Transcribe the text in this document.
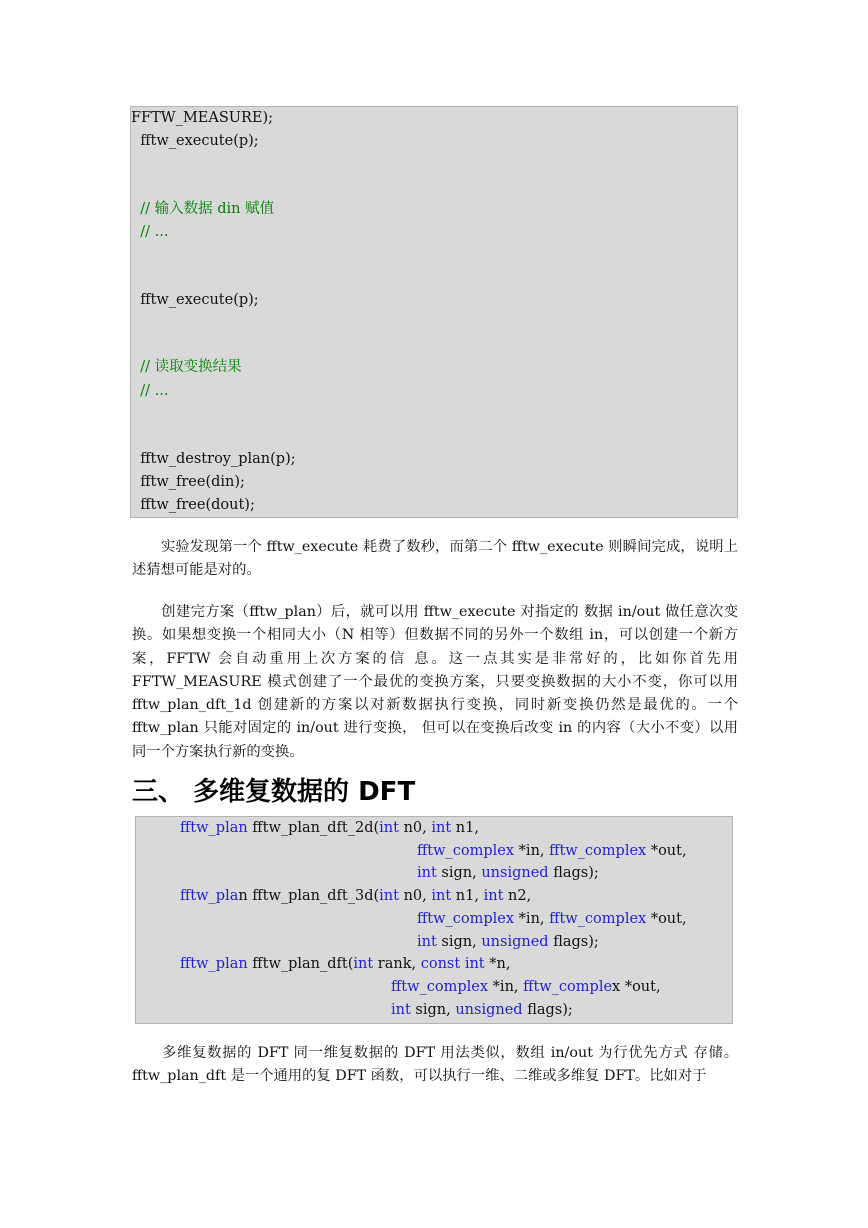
FFTW_MEASURE);
fftw_execute(p);
// 输入数据 din 赋值
// ...
fftw_execute(p);
// 读取变换结果
// ...
fftw_destroy_plan(p);
fftw_free(din);
fftw_free(dout);

　　实验发现第一个 fftw_execute 耗费了数秒，而第二个 fftw_execute 则瞬间完成，说明上述猜想可能是对的。

　　创建完方案（fftw_plan）后，就可以用 fftw_execute 对指定的 数据 in/out 做任意次变换。如果想变换一个相同大小（N 相等）但数据不同的另外一个数组 in，可以创建一个新方案，FFTW 会自动重用上次方案的信 息。这一点其实是非常好的，比如你首先用 FFTW_MEASURE 模式创建了一个最优的变换方案，只要变换数据的大小不变，你可以用 fftw_plan_dft_1d 创建新的方案以对新数据执行变换，同时新变换仍然是最优的。一个 fftw_plan 只能对固定的 in/out 进行变换， 但可以在变换后改变 in 的内容（大小不变）以用同一个方案执行新的变换。

三、 多维复数据的 DFT
fftw_plan fftw_plan_dft_2d(int n0, int n1,
fftw_complex *in, fftw_complex *out,
int sign, unsigned flags);
fftw_plan fftw_plan_dft_3d(int n0, int n1, int n2,
fftw_complex *in, fftw_complex *out,
int sign, unsigned flags);
fftw_plan fftw_plan_dft(int rank, const int *n,
fftw_complex *in, fftw_complex *out,
int sign, unsigned flags);

　　多维复数据的 DFT 同一维复数据的 DFT 用法类似，数组 in/out 为行优先方式 存储。fftw_plan_dft 是一个通用的复 DFT 函数，可以执行一维、二维或多维复 DFT。比如对于
